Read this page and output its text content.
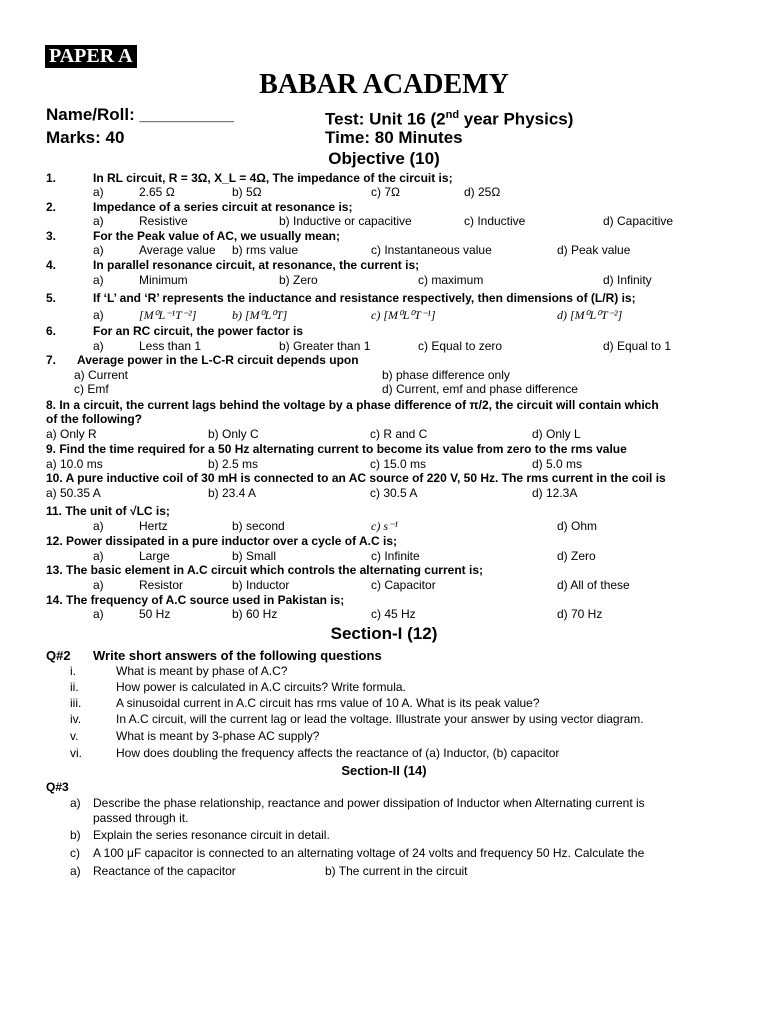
PAPER A
BABAR ACADEMY
Name/Roll: __________	Test: Unit 16 (2nd year Physics)
Marks: 40	Time: 80 Minutes
Objective (10)
1.	In RL circuit, R = 3Ω, X_L = 4Ω, The impedance of the circuit is;
a)	2.65 Ω	b) 5Ω	c) 7Ω	d) 25Ω
2.	Impedance of a series circuit at resonance is;
a)	Resistive	b) Inductive or capacitive	c) Inductive	d) Capacitive
3.	For the Peak value of AC, we usually mean;
a)	Average value b) rms value	c) Instantaneous value	d) Peak value
4.	In parallel resonance circuit, at resonance, the current is;
a)	Minimum	b) Zero	c) maximum	d) Infinity
5.	If ‘L’ and ‘R’ represents the inductance and resistance respectively, then dimensions of (L/R) is;
a)	[M⁰L⁻¹T⁻²]	b) [M⁰L⁰T]	c) [M⁰L⁰T⁻¹]	d) [M⁰L⁰T⁻²]
6.	For an RC circuit, the power factor is
a)	Less than 1	b) Greater than 1	c) Equal to zero	d) Equal to 1
7. Average power in the L-C-R circuit depends upon
a) Current	b) phase difference only
c) Emf	d) Current, emf and phase difference
8. In a circuit, the current lags behind the voltage by a phase difference of π/2, the circuit will contain which
of the following?
a) Only R	b) Only C	c) R and C	d) Only L
9. Find the time required for a 50 Hz alternating current to become its value from zero to the rms value
a) 10.0 ms	b) 2.5 ms	c) 15.0 ms	d) 5.0 ms
10. A pure inductive coil of 30 mH is connected to an AC source of 220 V, 50 Hz. The rms current in the coil is
a) 50.35 A	b) 23.4 A	c) 30.5 A	d) 12.3A
11. The unit of √LC is;
a)	Hertz	b) second	c) s⁻¹	d) Ohm
12. Power dissipated in a pure inductor over a cycle of A.C is;
a)	Large	b) Small	c) Infinite	d) Zero
13. The basic element in A.C circuit which controls the alternating current is;
a)	Resistor	b) Inductor	c) Capacitor	d) All of these
14. The frequency of A.C source used in Pakistan is;
a)	50 Hz	b) 60 Hz	c) 45 Hz	d) 70 Hz
Section-I (12)
Q#2 Write short answers of the following questions
i.	What is meant by phase of A.C?
ii.	How power is calculated in A.C circuits? Write formula.
iii.	A sinusoidal current in A.C circuit has rms value of 10 A. What is its peak value?
iv.	In A.C circuit, will the current lag or lead the voltage. Illustrate your answer by using vector diagram.
v.	What is meant by 3-phase AC supply?
vi.	How does doubling the frequency affects the reactance of (a) Inductor, (b) capacitor
Section-II (14)
Q#3
a) Describe the phase relationship, reactance and power dissipation of Inductor when Alternating current is
passed through it.
b) Explain the series resonance circuit in detail.
c) A 100 μF capacitor is connected to an alternating voltage of 24 volts and frequency 50 Hz. Calculate the
a) Reactance of the capacitor	b) The current in the circuit
